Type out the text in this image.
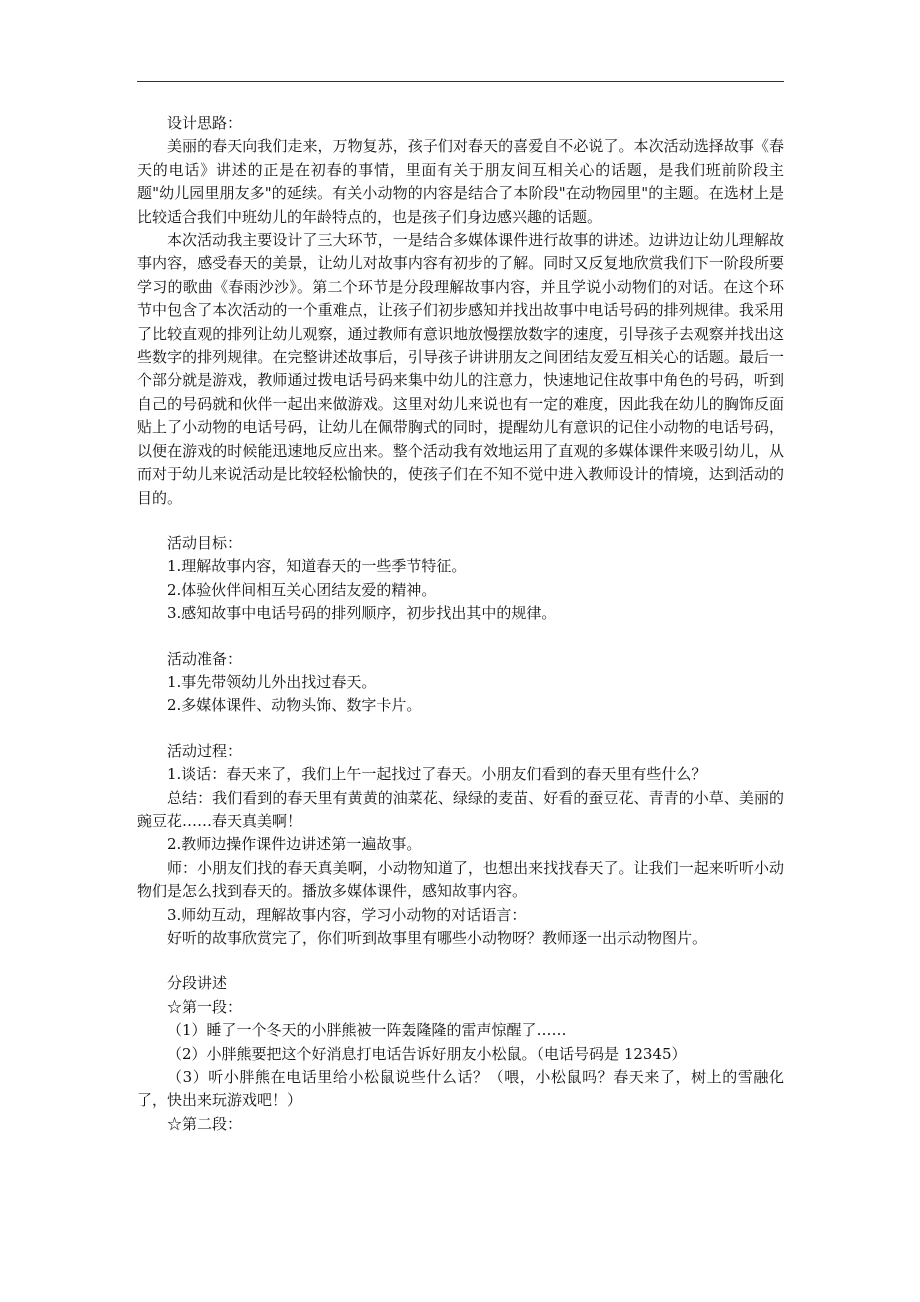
设计思路：

美丽的春天向我们走来，万物复苏，孩子们对春天的喜爱自不必说了。本次活动选择故事《春天的电话》讲述的正是在初春的事情，里面有关于朋友间互相关心的话题，是我们班前阶段主题"幼儿园里朋友多"的延续。有关小动物的内容是结合了本阶段"在动物园里"的主题。在选材上是比较适合我们中班幼儿的年龄特点的，也是孩子们身边感兴趣的话题。

本次活动我主要设计了三大环节，一是结合多媒体课件进行故事的讲述。边讲边让幼儿理解故事内容，感受春天的美景，让幼儿对故事内容有初步的了解。同时又反复地欣赏我们下一阶段所要学习的歌曲《春雨沙沙》。第二个环节是分段理解故事内容，并且学说小动物们的对话。在这个环节中包含了本次活动的一个重难点，让孩子们初步感知并找出故事中电话号码的排列规律。我采用了比较直观的排列让幼儿观察，通过教师有意识地放慢摆放数字的速度，引导孩子去观察并找出这些数字的排列规律。在完整讲述故事后，引导孩子讲讲朋友之间团结友爱互相关心的话题。最后一个部分就是游戏，教师通过拨电话号码来集中幼儿的注意力，快速地记住故事中角色的号码，听到自己的号码就和伙伴一起出来做游戏。这里对幼儿来说也有一定的难度，因此我在幼儿的胸饰反面贴上了小动物的电话号码，让幼儿在佩带胸式的同时，提醒幼儿有意识的记住小动物的电话号码，以便在游戏的时候能迅速地反应出来。整个活动我有效地运用了直观的多媒体课件来吸引幼儿，从而对于幼儿来说活动是比较轻松愉快的，使孩子们在不知不觉中进入教师设计的情境，达到活动的目的。

活动目标：

1.理解故事内容，知道春天的一些季节特征。

2.体验伙伴间相互关心团结友爱的精神。

3.感知故事中电话号码的排列顺序，初步找出其中的规律。

活动准备：

1.事先带领幼儿外出找过春天。

2.多媒体课件、动物头饰、数字卡片。

活动过程：

1.谈话：春天来了，我们上午一起找过了春天。小朋友们看到的春天里有些什么？

总结：我们看到的春天里有黄黄的油菜花、绿绿的麦苗、好看的蚕豆花、青青的小草、美丽的豌豆花……春天真美啊！

2.教师边操作课件边讲述第一遍故事。

师：小朋友们找的春天真美啊，小动物知道了，也想出来找找春天了。让我们一起来听听小动物们是怎么找到春天的。播放多媒体课件，感知故事内容。

3.师幼互动，理解故事内容，学习小动物的对话语言：

好听的故事欣赏完了，你们听到故事里有哪些小动物呀？教师逐一出示动物图片。

分段讲述

☆第一段：

（1）睡了一个冬天的小胖熊被一阵轰隆隆的雷声惊醒了……

（2）小胖熊要把这个好消息打电话告诉好朋友小松鼠。（电话号码是 12345）

（3）听小胖熊在电话里给小松鼠说些什么话？（喂，小松鼠吗？春天来了，树上的雪融化了，快出来玩游戏吧！）

☆第二段：
